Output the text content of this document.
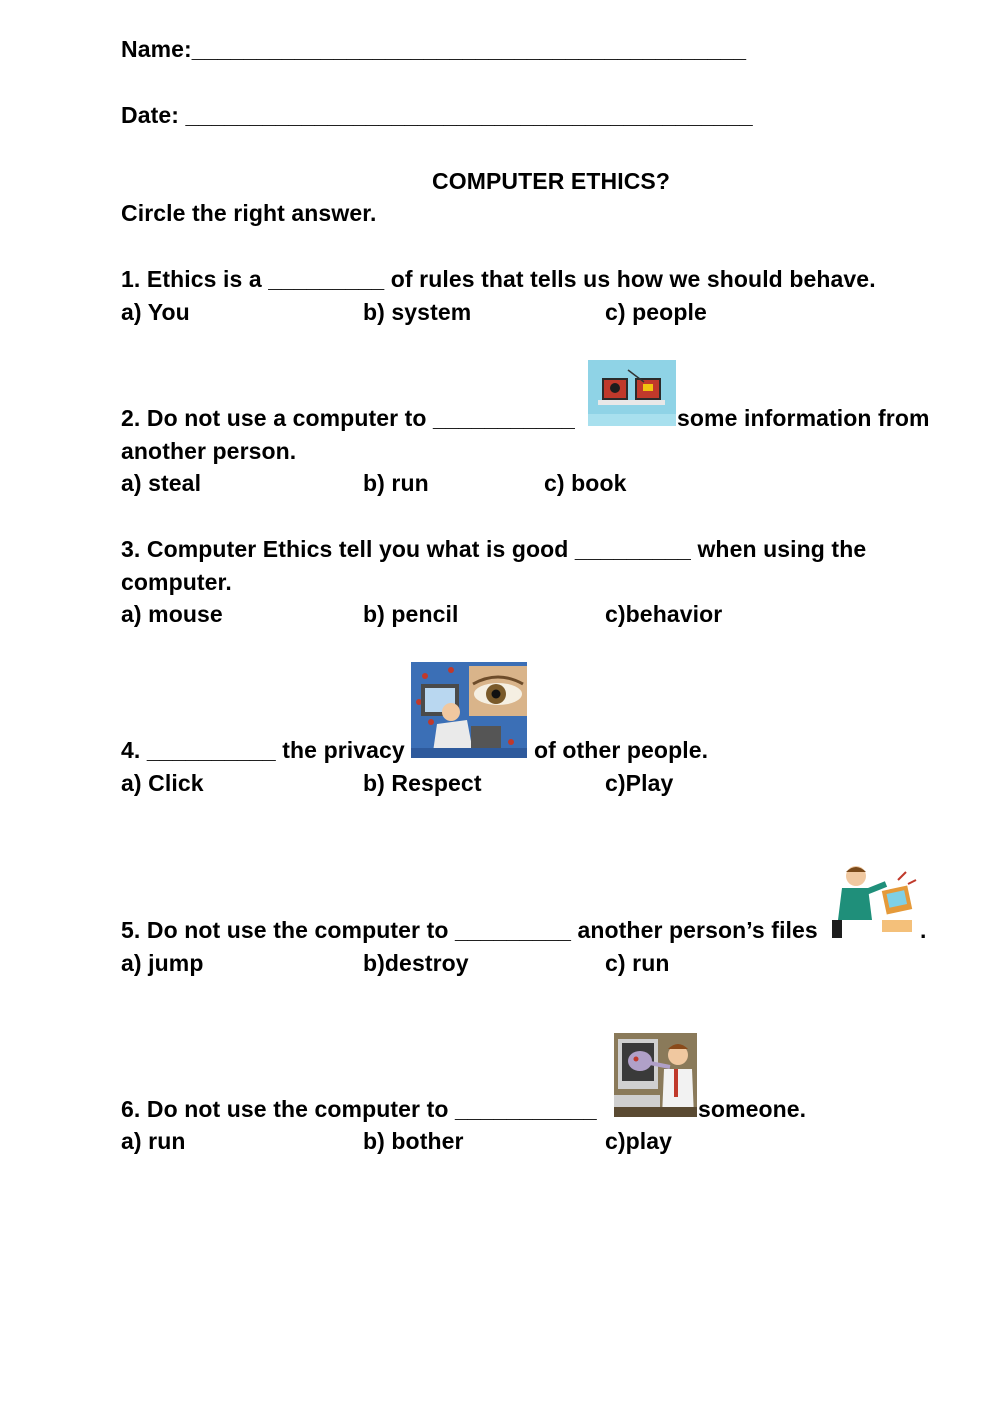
Name:___________________________________________
Date: ____________________________________________
COMPUTER ETHICS?
Circle the right answer.
1. Ethics is a _________ of rules that tells us how we should behave.
a) You	b) system	c) people
2. Do not use a computer to ___________	some information from
another person.
a) steal	b) run	c) book
3. Computer Ethics tell you what is good _________ when using the
computer.
a) mouse	b) pencil	c)behavior
4. __________ the privacy	of other people.
a) Click	b) Respect	c)Play
5. Do not use the computer to _________ another person’s files	.
a) jump	b)destroy	c) run
6. Do not use the computer to ___________	someone.
a) run	b) bother	c)play
